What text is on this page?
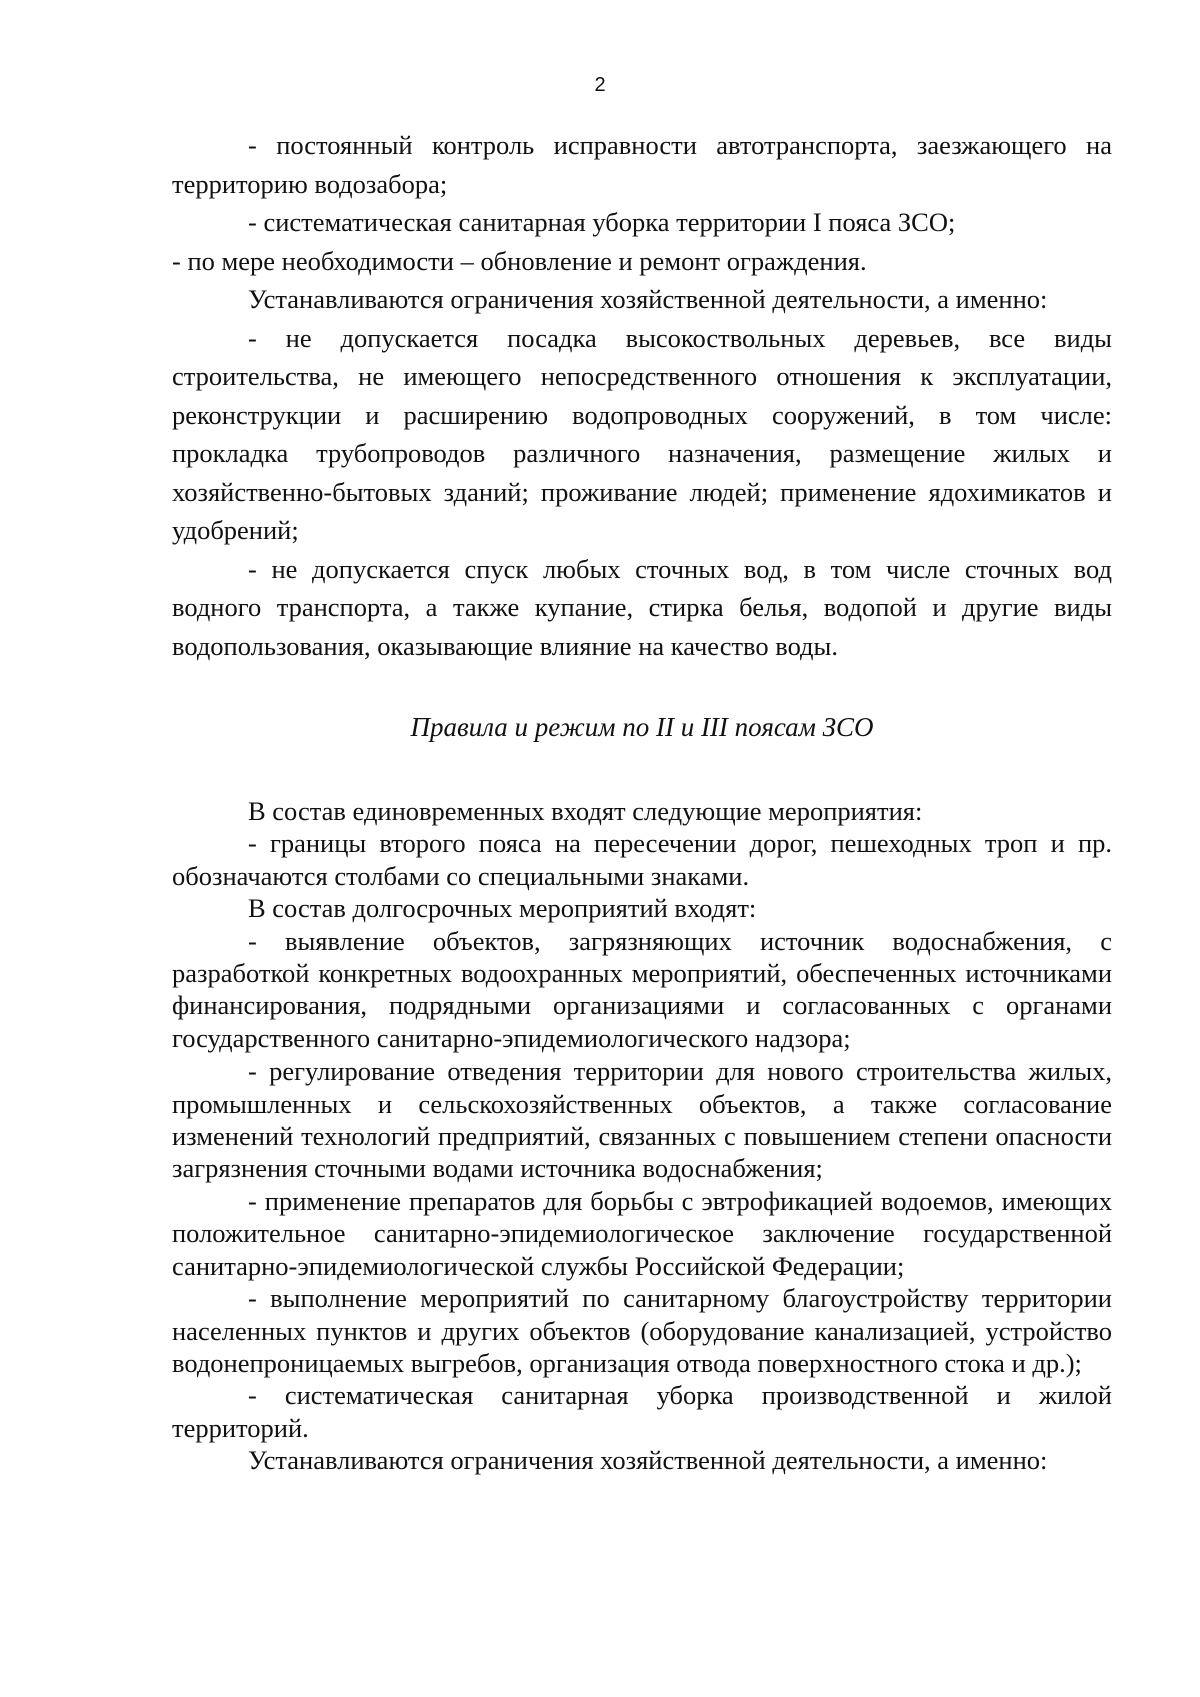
2

- постоянный контроль исправности автотранспорта, заезжающего на территорию водозабора;

- систематическая санитарная уборка территории I пояса ЗСО;

- по мере необходимости – обновление и ремонт ограждения.

Устанавливаются ограничения хозяйственной деятельности, а именно:

- не допускается посадка высокоствольных деревьев, все виды строительства, не имеющего непосредственного отношения к эксплуатации, реконструкции и расширению водопроводных сооружений, в том числе: прокладка трубопроводов различного назначения, размещение жилых и хозяйственно-бытовых зданий; проживание людей; применение ядохимикатов и удобрений;

- не допускается спуск любых сточных вод, в том числе сточных вод водного транспорта, а также купание, стирка белья, водопой и другие виды водопользования, оказывающие влияние на качество воды.

Правила и режим по II и III поясам ЗСО

В состав единовременных входят следующие мероприятия:

- границы второго пояса на пересечении дорог, пешеходных троп и пр. обозначаются столбами со специальными знаками.

В состав долгосрочных мероприятий входят:

- выявление объектов, загрязняющих источник водоснабжения, с разработкой конкретных водоохранных мероприятий, обеспеченных источниками финансирования, подрядными организациями и согласованных с органами государственного санитарно-эпидемиологического надзора;

- регулирование отведения территории для нового строительства жилых, промышленных и сельскохозяйственных объектов, а также согласование изменений технологий предприятий, связанных с повышением степени опасности загрязнения сточными водами источника водоснабжения;

- применение препаратов для борьбы с эвтрофикацией водоемов, имеющих положительное санитарно-эпидемиологическое заключение государственной санитарно-эпидемиологической службы Российской Федерации;

- выполнение мероприятий по санитарному благоустройству территории населенных пунктов и других объектов (оборудование канализацией, устройство водонепроницаемых выгребов, организация отвода поверхностного стока и др.);

- систематическая санитарная уборка производственной и жилой территорий.

Устанавливаются ограничения хозяйственной деятельности, а именно:
